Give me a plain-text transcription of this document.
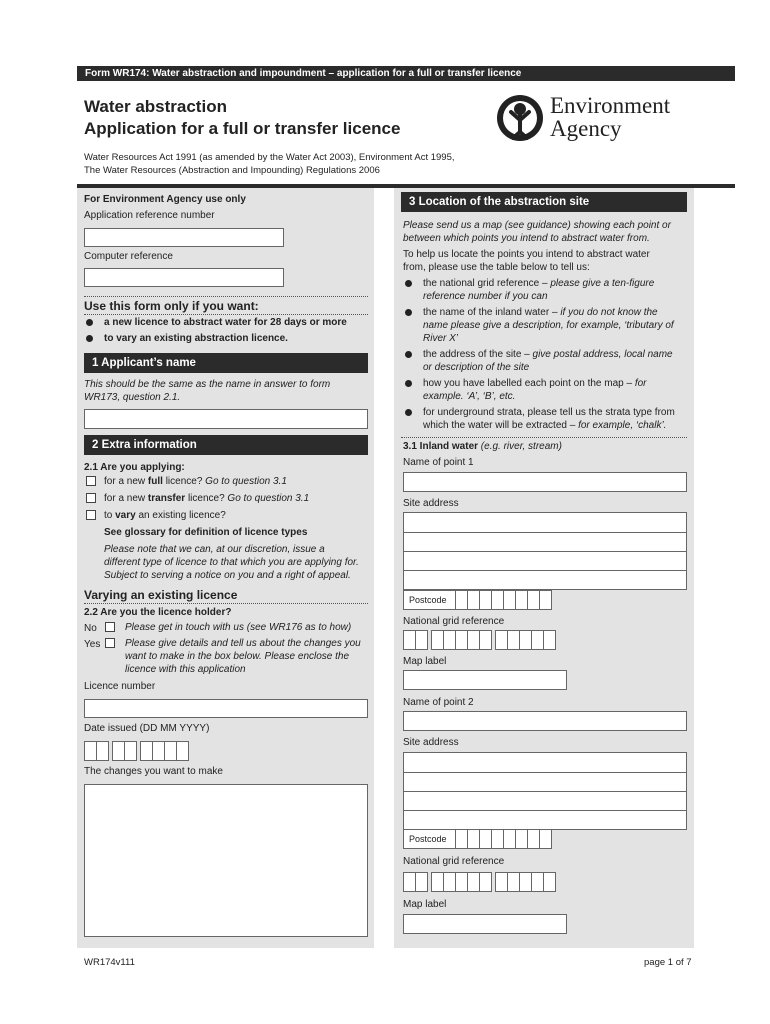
Form WR174: Water abstraction and impoundment – application for a full or transfer licence
Water abstraction
Application for a full or transfer licence
Environment
Agency
Water Resources Act 1991 (as amended by the Water Act 2003), Environment Act 1995,
The Water Resources (Abstraction and Impounding) Regulations 2006
For Environment Agency use only
Application reference number
Computer reference
Use this form only if you want:
a new licence to abstract water for 28 days or more
to vary an existing abstraction licence.
1 Applicant’s name
This should be the same as the name in answer to form
WR173, question 2.1.
2 Extra information
2.1 Are you applying:
for a new full licence? Go to question 3.1
for a new transfer licence? Go to question 3.1
to vary an existing licence?
See glossary for definition of licence types
Please note that we can, at our discretion, issue a
different type of licence to that which you are applying for.
Subject to serving a notice on you and a right of appeal.
Varying an existing licence
2.2 Are you the licence holder?
No	Please get in touch with us (see WR176 as to how)
Yes Please give details and tell us about the changes you
want to make in the box below. Please enclose the
licence with this application
Licence number
Date issued (DD MM YYYY)
The changes you want to make
3 Location of the abstraction site
Please send us a map (see guidance) showing each point or
between which points you intend to abstract water from.
To help us locate the points you intend to abstract water
from, please use the table below to tell us:
the national grid reference – please give a ten-figure
reference number if you can
the name of the inland water – if you do not know the
name please give a description, for example, ‘tributary of
River X’
the address of the site – give postal address, local name
or description of the site
how you have labelled each point on the map – for
example. ‘A’, ‘B’, etc.
for underground strata, please tell us the strata type from
which the water will be extracted – for example, ‘chalk’.
3.1 Inland water (e.g. river, stream)
Name of point 1
Site address
Postcode
National grid reference
Map label
Name of point 2
Site address
Postcode
National grid reference
Map label
WR174v111	page 1 of 7
